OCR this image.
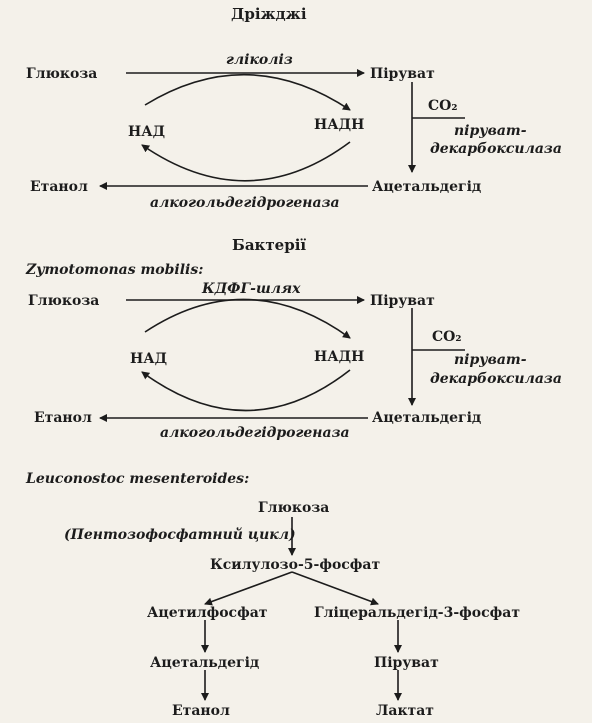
Дріжджі
Глюкоза
гліколіз
Піруват
НАД	НАДН
CO₂
піруват-
декарбоксилаза
Етанол	Ацетальдегід
алкогольдегідрогеназа
Бактерії
Zymotomonas mobilis:
Глюкоза
КДФГ-шлях
Піруват
НАД	НАДН
CO₂
піруват-
декарбоксилаза
Етанол	Ацетальдегід
алкогольдегідрогеназа
Leuconostoc mesenteroides:
Глюкоза
(Пентозофосфатний цикл)
Ксилулозо-5-фосфат
Ацетилфосфат	Гліцеральдегід-3-фосфат
Ацетальдегід	Піруват
Етанол	Лактат
